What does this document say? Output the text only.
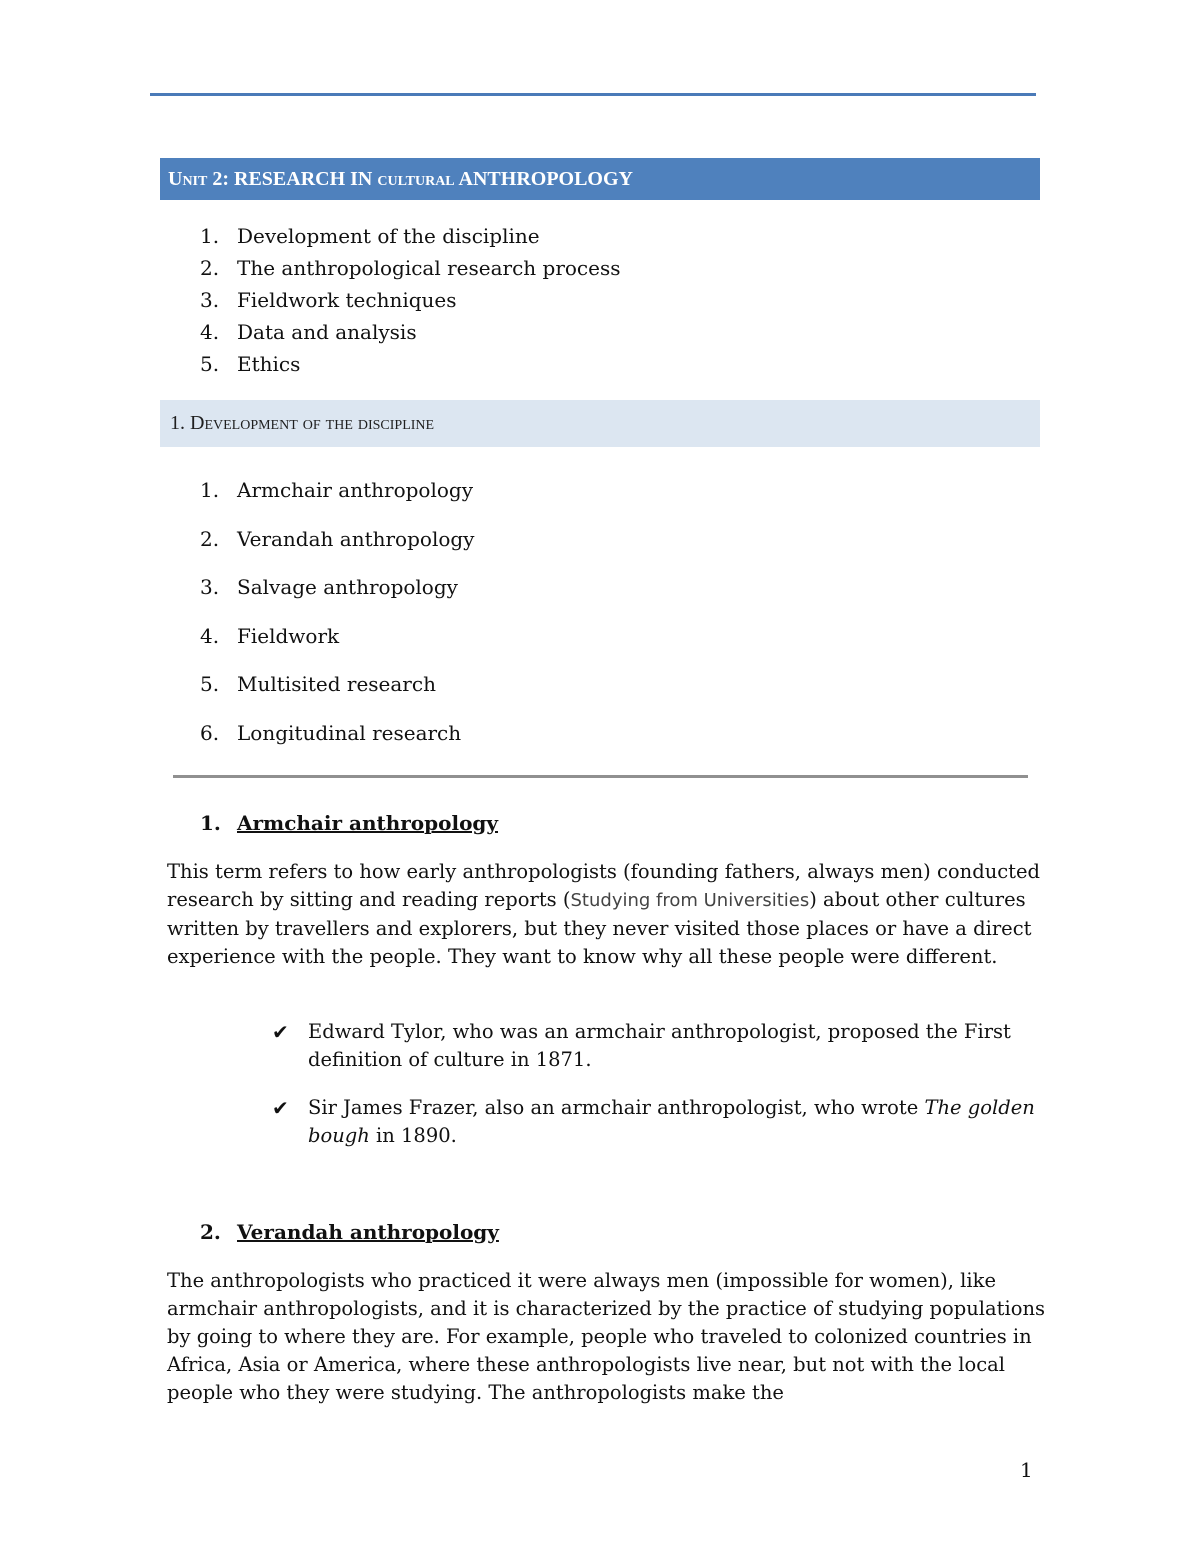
Unit 2: RESEARCH IN cultural ANTHROPOLOGY
1. Development of the discipline
2. The anthropological research process
3. Fieldwork techniques
4. Data and analysis
5. Ethics
1. Development of the discipline
1. Armchair anthropology
2. Verandah anthropology
3. Salvage anthropology
4. Fieldwork
5. Multisited research
6. Longitudinal research
1. Armchair anthropology

This term refers to how early anthropologists (founding fathers, always men) conducted research by sitting and reading reports (Studying from Universities) about other cultures written by travellers and explorers, but they never visited those places or have a direct experience with the people. They want to know why all these people were different.

✔ Edward Tylor, who was an armchair anthropologist, proposed the First definition of culture in 1871.
✔ Sir James Frazer, also an armchair anthropologist, who wrote The golden bough in 1890.
2. Verandah anthropology

The anthropologists who practiced it were always men (impossible for women), like armchair anthropologists, and it is characterized by the practice of studying populations by going to where they are. For example, people who traveled to colonized countries in Africa, Asia or America, where these anthropologists live near, but not with the local people who they were studying. The anthropologists make the

1
